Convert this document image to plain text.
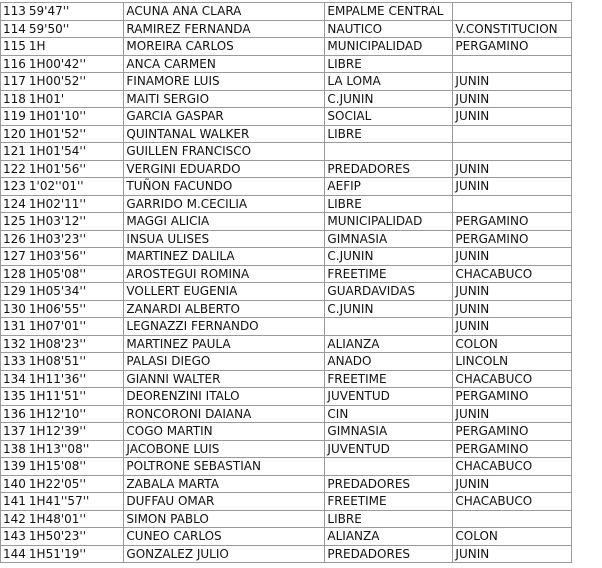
113	59'47''	ACUNA ANA CLARA	EMPALME CENTRAL	
114	59'50''	RAMIREZ FERNANDA	NAUTICO	V.CONSTITUCION
115	1H	MOREIRA CARLOS	MUNICIPALIDAD	PERGAMINO
116	1H00'42''	ANCA CARMEN	LIBRE	
117	1H00'52''	FINAMORE LUIS	LA LOMA	JUNIN
118	1H01'	MAITI SERGIO	C.JUNIN	JUNIN
119	1H01'10''	GARCIA GASPAR	SOCIAL	JUNIN
120	1H01'52''	QUINTANAL WALKER	LIBRE	
121	1H01'54''	GUILLEN FRANCISCO		
122	1H01'56''	VERGINI EDUARDO	PREDADORES	JUNIN
123	1'02''01''	TUÑON FACUNDO	AEFIP	JUNIN
124	1H02'11''	GARRIDO M.CECILIA	LIBRE	
125	1H03'12''	MAGGI ALICIA	MUNICIPALIDAD	PERGAMINO
126	1H03'23''	INSUA ULISES	GIMNASIA	PERGAMINO
127	1H03'56''	MARTINEZ DALILA	C.JUNIN	JUNIN
128	1H05'08''	AROSTEGUI ROMINA	FREETIME	CHACABUCO
129	1H05'34''	VOLLERT EUGENIA	GUARDAVIDAS	JUNIN
130	1H06'55''	ZANARDI ALBERTO	C.JUNIN	JUNIN
131	1H07'01''	LEGNAZZI FERNANDO		JUNIN
132	1H08'23''	MARTINEZ PAULA	ALIANZA	COLON
133	1H08'51''	PALASI DIEGO	ANADO	LINCOLN
134	1H11'36''	GIANNI WALTER	FREETIME	CHACABUCO
135	1H11'51''	DEORENZINI ITALO	JUVENTUD	PERGAMINO
136	1H12'10''	RONCORONI DAIANA	CIN	JUNIN
137	1H12'39''	COGO MARTIN	GIMNASIA	PERGAMINO
138	1H13''08''	JACOBONE LUIS	JUVENTUD	PERGAMINO
139	1H15'08''	POLTRONE SEBASTIAN		CHACABUCO
140	1H22'05''	ZABALA MARTA	PREDADORES	JUNIN
141	1H41''57''	DUFFAU OMAR	FREETIME	CHACABUCO
142	1H48'01''	SIMON PABLO	LIBRE	
143	1H50'23''	CUNEO CARLOS	ALIANZA	COLON
144	1H51'19''	GONZALEZ JULIO	PREDADORES	JUNIN
